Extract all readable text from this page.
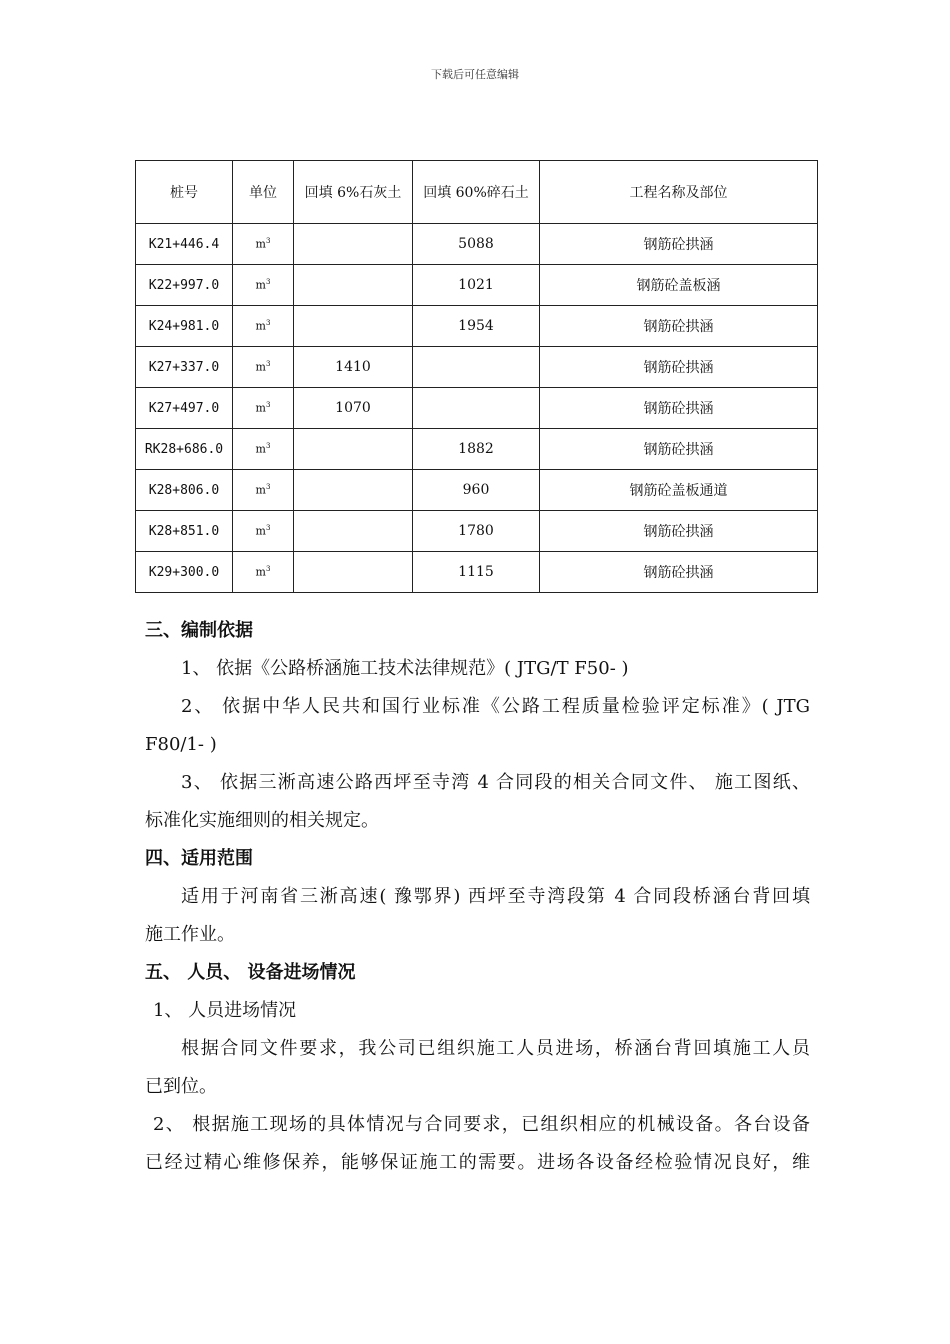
下载后可任意编辑
桩号	单位	回填 6%石灰土	回填 60%碎石土	工程名称及部位
K21+446.4	$m^3$		5088	钢筋砼拱涵
K22+997.0	$m^3$		1021	钢筋砼盖板涵
K24+981.0	$m^3$		1954	钢筋砼拱涵
K27+337.0	$m^3$	1410		钢筋砼拱涵
K27+497.0	$m^3$	1070		钢筋砼拱涵
RK28+686.0	$m^3$		1882	钢筋砼拱涵
K28+806.0	$m^3$		960	钢筋砼盖板通道
K28+851.0	$m^3$		1780	钢筋砼拱涵
K29+300.0	$m^3$		1115	钢筋砼拱涵
三、编制依据
1、 依据《公路桥涵施工技术法律规范》( JTG/T F50- )
2、 依据中华人民共和国行业标准《公路工程质量检验评定标准》( JTG
F80/1- )
3、 依据三淅高速公路西坪至寺湾 4 合同段的相关合同文件、 施工图纸、
标准化实施细则的相关规定。
四、适用范围
适用于河南省三淅高速( 豫鄂界) 西坪至寺湾段第 4 合同段桥涵台背回填
施工作业。
五、 人员、 设备进场情况
1、 人员进场情况
根据合同文件要求，我公司已组织施工人员进场，桥涵台背回填施工人员
已到位。
2、 根据施工现场的具体情况与合同要求，已组织相应的机械设备。各台设备
已经过精心维修保养，能够保证施工的需要。进场各设备经检验情况良好，维
